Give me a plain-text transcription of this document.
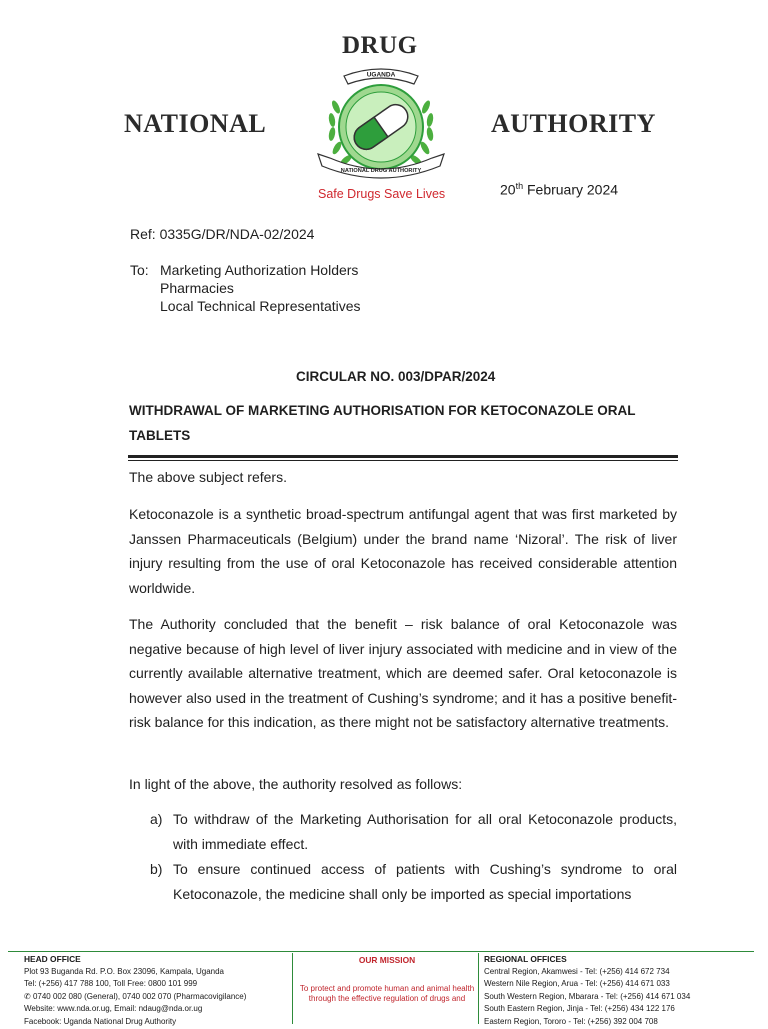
DRUG
NATIONAL	AUTHORITY
UGANDA
NATIONAL DRUG AUTHORITY
Safe Drugs Save Lives	20th February 2024
Ref: 0335G/DR/NDA-02/2024
To: Marketing Authorization Holders
Pharmacies
Local Technical Representatives
CIRCULAR NO. 003/DPAR/2024
WITHDRAWAL OF MARKETING AUTHORISATION FOR KETOCONAZOLE ORAL
TABLETS
The above subject refers.
Ketoconazole is a synthetic broad-spectrum antifungal agent that was first marketed by Janssen Pharmaceuticals (Belgium) under the brand name ‘Nizoral’. The risk of liver injury resulting from the use of oral Ketoconazole has received considerable attention worldwide.
The Authority concluded that the benefit – risk balance of oral Ketoconazole was negative because of high level of liver injury associated with medicine and in view of the currently available alternative treatment, which are deemed safer. Oral ketoconazole is however also used in the treatment of Cushing’s syndrome; and it has a positive benefit-risk balance for this indication, as there might not be satisfactory alternative treatments.
In light of the above, the authority resolved as follows:
a) To withdraw of the Marketing Authorisation for all oral Ketoconazole products, with immediate effect.
b) To ensure continued access of patients with Cushing’s syndrome to oral Ketoconazole, the medicine shall only be imported as special importations
HEAD OFFICE
Plot 93 Buganda Rd. P.O. Box 23096, Kampala, Uganda
Tel: (+256) 417 788 100, Toll Free: 0800 101 999
✆ 0740 002 080 (General), 0740 002 070 (Pharmacovigilance)
Website: www.nda.or.ug, Email: ndaug@nda.or.ug
Facebook: Uganda National Drug Authority
OUR MISSION
To protect and promote human and animal health through the effective regulation of drugs and
REGIONAL OFFICES
Central Region, Akamwesi - Tel: (+256) 414 672 734
Western Nile Region, Arua - Tel: (+256) 414 671 033
South Western Region, Mbarara - Tel: (+256) 414 671 034
South Eastern Region, Jinja - Tel: (+256) 434 122 176
Eastern Region, Tororo - Tel: (+256) 392 004 708
